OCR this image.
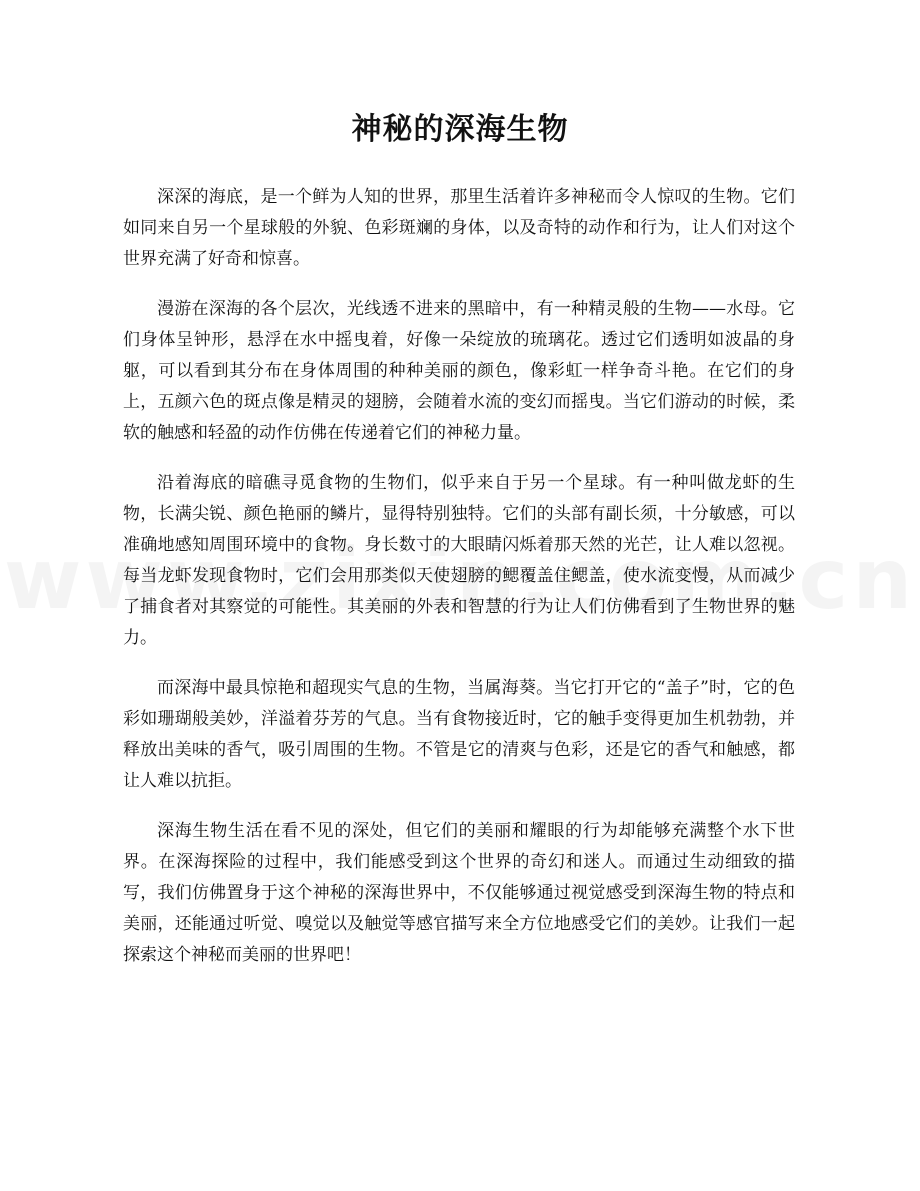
神秘的深海生物

深深的海底，是一个鲜为人知的世界，那里生活着许多神秘而令人惊叹的生物。它们如同来自另一个星球般的外貌、色彩斑斓的身体，以及奇特的动作和行为，让人们对这个世界充满了好奇和惊喜。

漫游在深海的各个层次，光线透不进来的黑暗中，有一种精灵般的生物——水母。它们身体呈钟形，悬浮在水中摇曳着，好像一朵绽放的琉璃花。透过它们透明如波晶的身躯，可以看到其分布在身体周围的种种美丽的颜色，像彩虹一样争奇斗艳。在它们的身上，五颜六色的斑点像是精灵的翅膀，会随着水流的变幻而摇曳。当它们游动的时候，柔软的触感和轻盈的动作仿佛在传递着它们的神秘力量。

沿着海底的暗礁寻觅食物的生物们，似乎来自于另一个星球。有一种叫做龙虾的生物，长满尖锐、颜色艳丽的鳞片，显得特别独特。它们的头部有副长须，十分敏感，可以准确地感知周围环境中的食物。身长数寸的大眼睛闪烁着那天然的光芒，让人难以忽视。每当龙虾发现食物时，它们会用那类似天使翅膀的鳃覆盖住鳃盖，使水流变慢，从而减少了捕食者对其察觉的可能性。其美丽的外表和智慧的行为让人们仿佛看到了生物世界的魅力。

而深海中最具惊艳和超现实气息的生物，当属海葵。当它打开它的“盖子”时，它的色彩如珊瑚般美妙，洋溢着芬芳的气息。当有食物接近时，它的触手变得更加生机勃勃，并释放出美味的香气，吸引周围的生物。不管是它的清爽与色彩，还是它的香气和触感，都让人难以抗拒。

深海生物生活在看不见的深处，但它们的美丽和耀眼的行为却能够充满整个水下世界。在深海探险的过程中，我们能感受到这个世界的奇幻和迷人。而通过生动细致的描写，我们仿佛置身于这个神秘的深海世界中，不仅能够通过视觉感受到深海生物的特点和美丽，还能通过听觉、嗅觉以及触觉等感官描写来全方位地感受它们的美妙。让我们一起探索这个神秘而美丽的世界吧！
